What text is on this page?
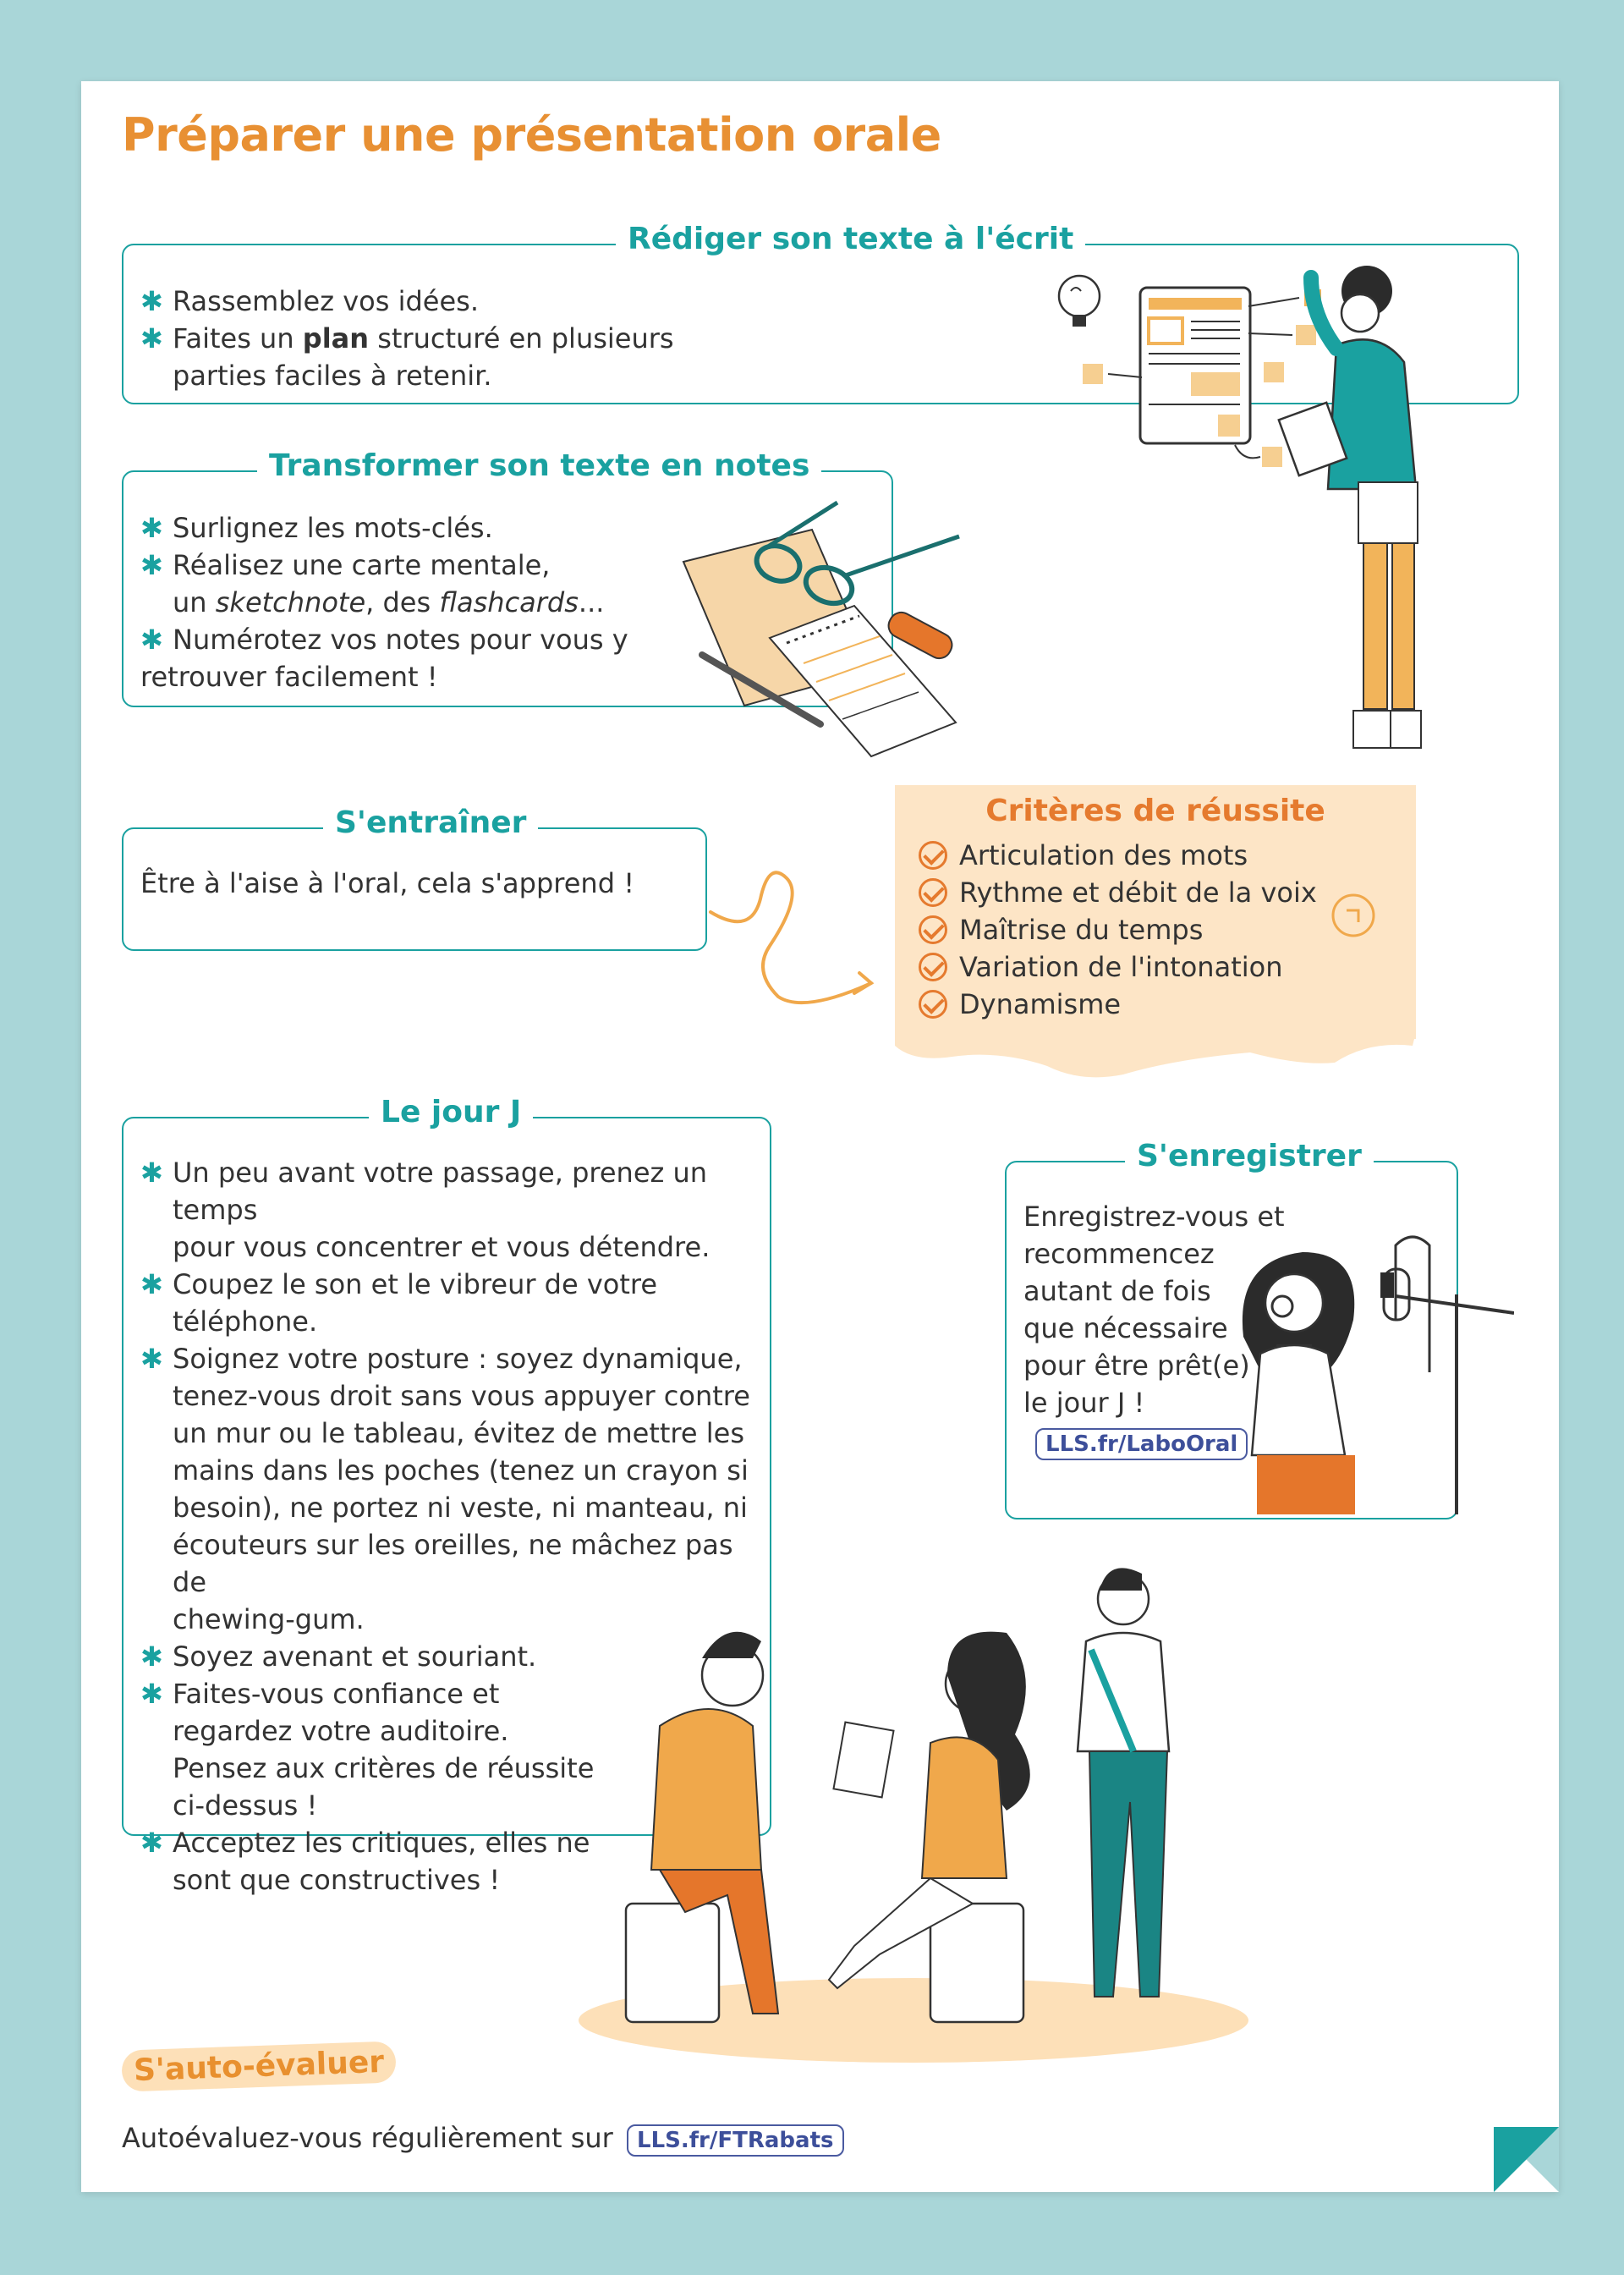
Préparer une présentation orale
Rédiger son texte à l'écrit
✱ Rassemblez vos idées.
✱ Faites un plan structuré en plusieurs
parties faciles à retenir.
Transformer son texte en notes
✱ Surlignez les mots-clés.
✱ Réalisez une carte mentale,
un sketchnote, des flashcards...
✱ Numérotez vos notes pour vous y
retrouver facilement !
S'entraîner
Être à l'aise à l'oral, cela s'apprend !
Critères de réussite
Articulation des mots
Rythme et débit de la voix
Maîtrise du temps
Variation de l'intonation
Dynamisme
Le jour J
✱ Un peu avant votre passage, prenez un temps
pour vous concentrer et vous détendre.
✱ Coupez le son et le vibreur de votre
téléphone.
✱ Soignez votre posture : soyez dynamique,
tenez-vous droit sans vous appuyer contre
un mur ou le tableau, évitez de mettre les
mains dans les poches (tenez un crayon si
besoin), ne portez ni veste, ni manteau, ni
écouteurs sur les oreilles, ne mâchez pas de
chewing-gum.
✱ Soyez avenant et souriant.
✱ Faites-vous confiance et
regardez votre auditoire.
Pensez aux critères de réussite
ci-dessus !
✱ Acceptez les critiques, elles ne
sont que constructives !
S'enregistrer
Enregistrez-vous et
recommencez
autant de fois
que nécessaire
pour être prêt(e)
le jour J !
LLS.fr/LaboOral
S'auto-évaluer
Autoévaluez-vous régulièrement sur LLS.fr/FTRabats
